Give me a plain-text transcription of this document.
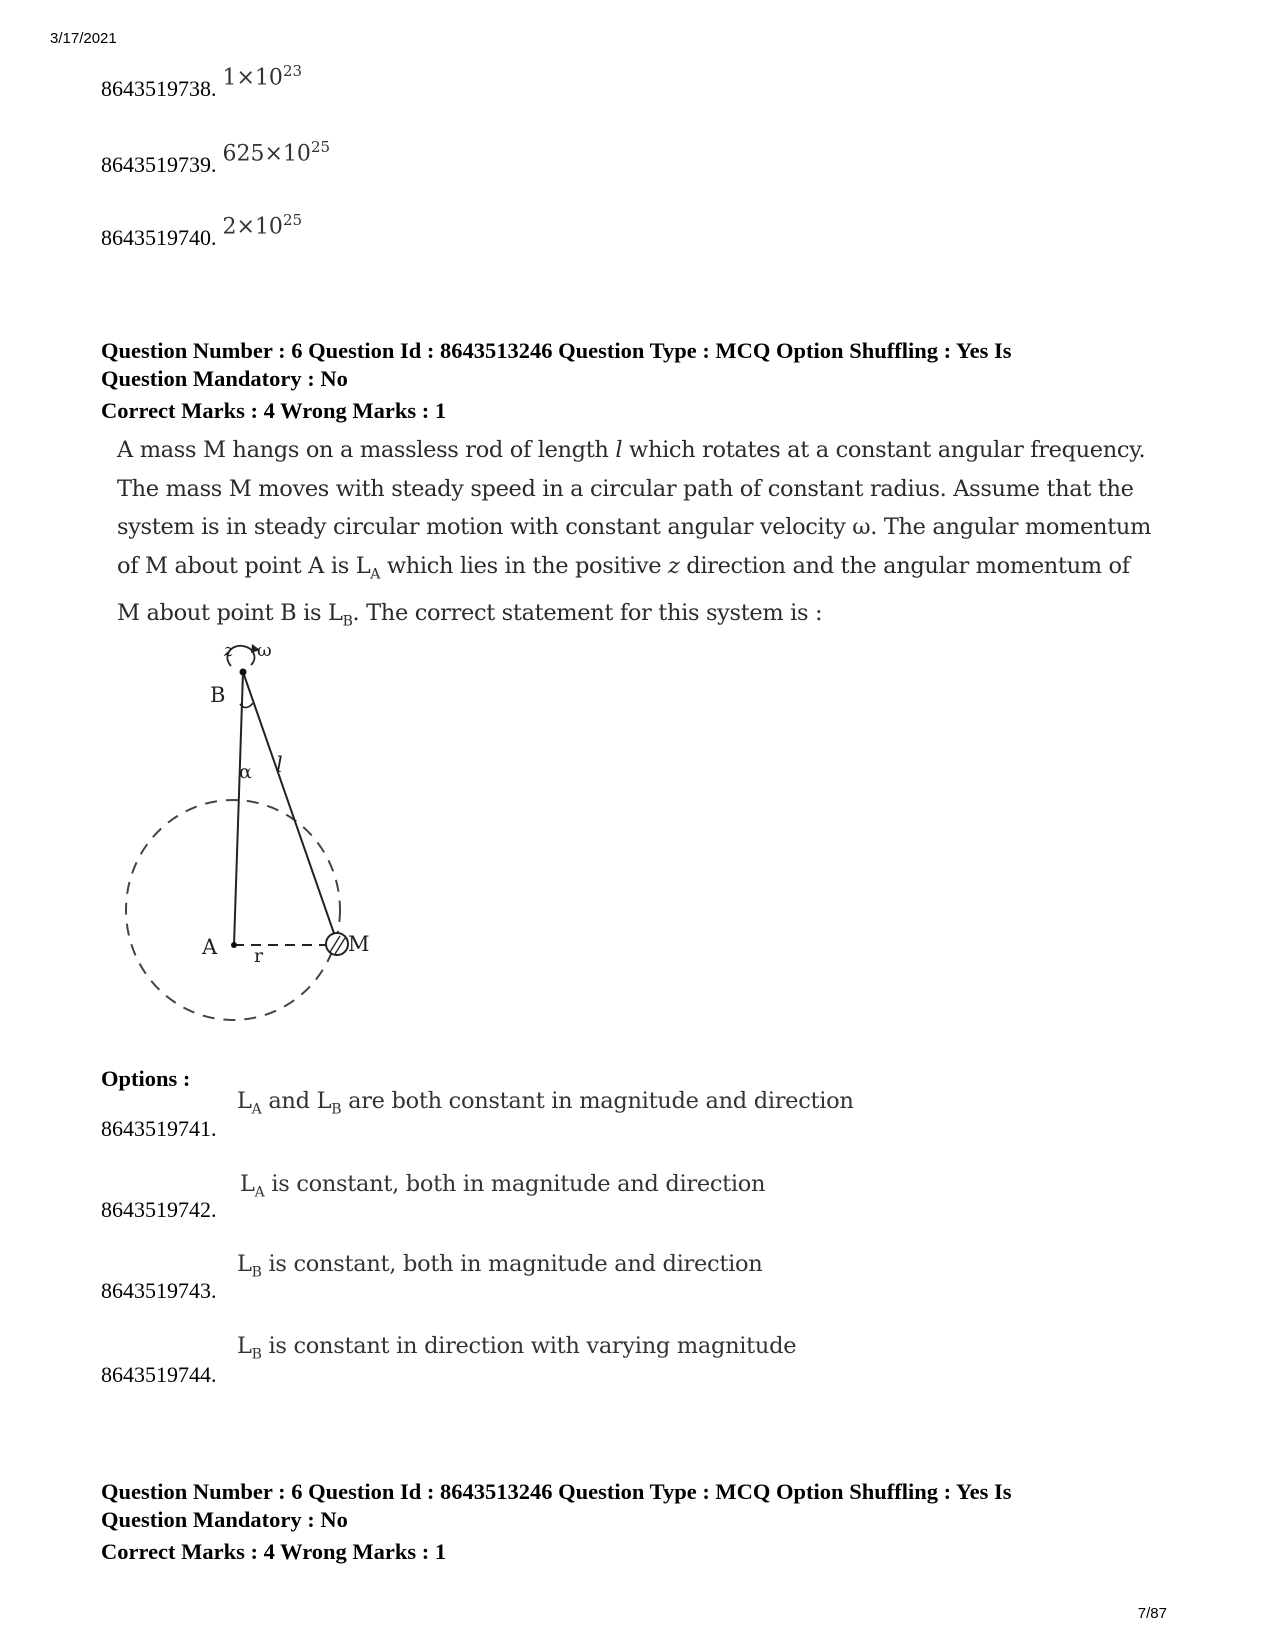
3/17/2021
8643519738. $1\times 10^{23}$
8643519739. $625\times 10^{25}$
8643519740. $2\times 10^{25}$
Question Number : 6 Question Id : 8643513246 Question Type : MCQ Option Shuffling : Yes Is
Question Mandatory : No
Correct Marks : 4 Wrong Marks : 1

A mass M hangs on a massless rod of length l which rotates at a constant angular frequency.

The mass M moves with steady speed in a circular path of constant radius. Assume that the

system is in steady circular motion with constant angular velocity ω. The angular momentum

of M about point A is $L_A$ which lies in the positive z direction and the angular momentum of

M about point B is $L_B$. The correct statement for this system is :

z ω
B
α l
A r	M
Options :
8643519741.
$L_A$ and $L_B$ are both constant in magnitude and direction
8643519742.
$L_A$ is constant, both in magnitude and direction
8643519743.
$L_B$ is constant, both in magnitude and direction
8643519744.
$L_B$ is constant in direction with varying magnitude
Question Number : 6 Question Id : 8643513246 Question Type : MCQ Option Shuffling : Yes Is
Question Mandatory : No
Correct Marks : 4 Wrong Marks : 1
7/87
